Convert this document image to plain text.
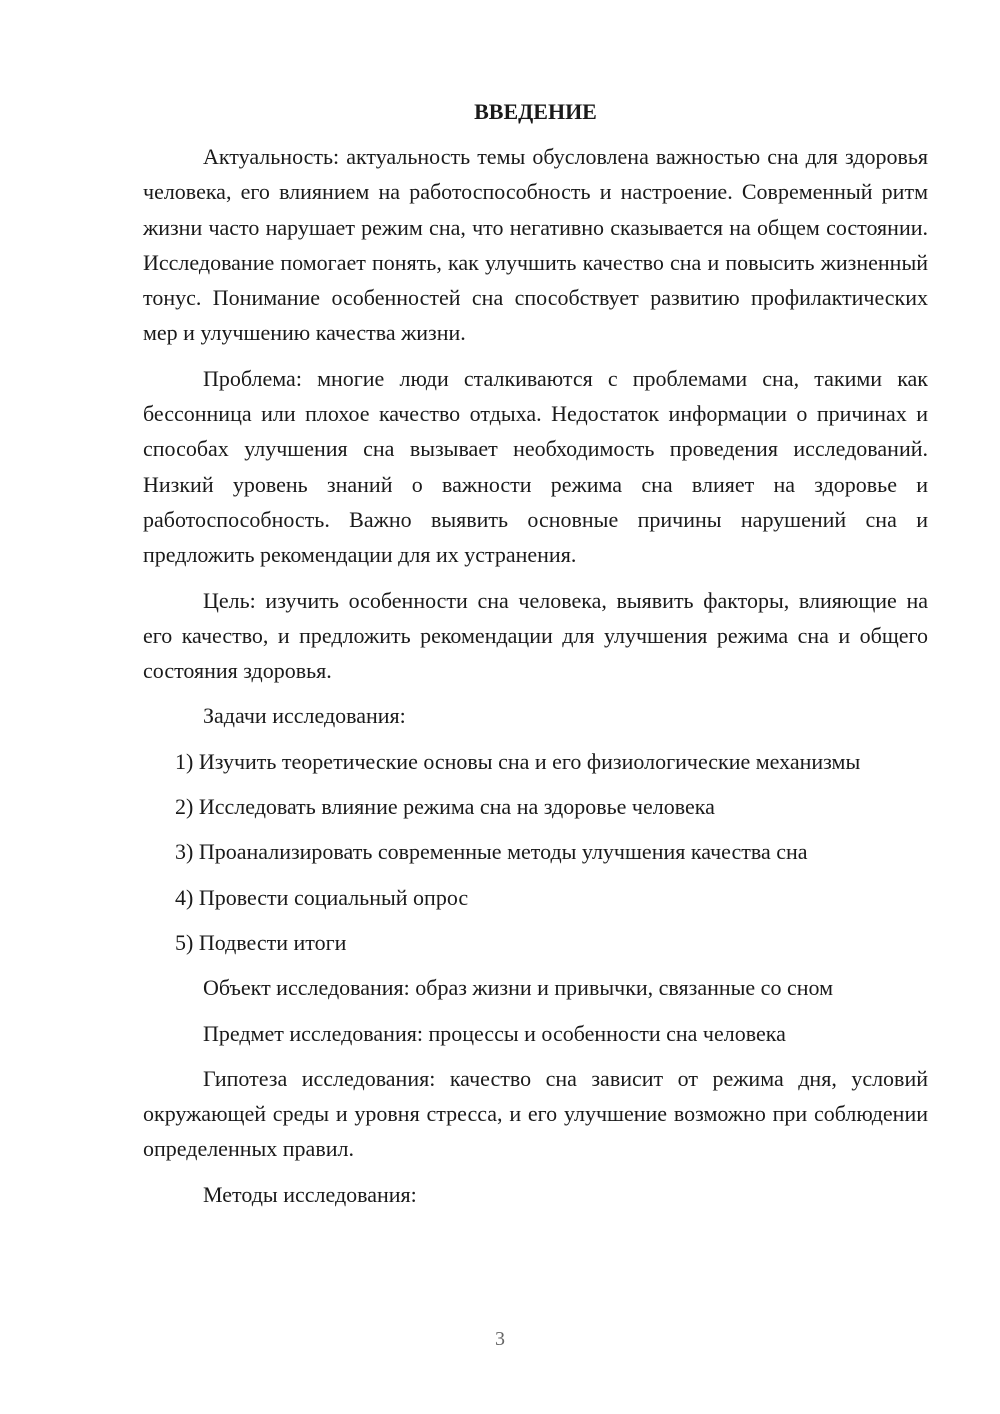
ВВЕДЕНИЕ

Актуальность: актуальность темы обусловлена важностью сна для здоровья человека, его влиянием на работоспособность и настроение. Современный ритм жизни часто нарушает режим сна, что негативно сказывается на общем состоянии. Исследование помогает понять, как улучшить качество сна и повысить жизненный тонус. Понимание особенностей сна способствует развитию профилактических мер и улучшению качества жизни.

Проблема: многие люди сталкиваются с проблемами сна, такими как бессонница или плохое качество отдыха. Недостаток информации о причинах и способах улучшения сна вызывает необходимость проведения исследований. Низкий уровень знаний о важности режима сна влияет на здоровье и работоспособность. Важно выявить основные причины нарушений сна и предложить рекомендации для их устранения.

Цель: изучить особенности сна человека, выявить факторы, влияющие на его качество, и предложить рекомендации для улучшения режима сна и общего состояния здоровья.

Задачи исследования:

1) Изучить теоретические основы сна и его физиологические механизмы

2) Исследовать влияние режима сна на здоровье человека

3) Проанализировать современные методы улучшения качества сна

4) Провести социальный опрос

5) Подвести итоги

Объект исследования: образ жизни и привычки, связанные со сном

Предмет исследования: процессы и особенности сна человека

Гипотеза исследования: качество сна зависит от режима дня, условий окружающей среды и уровня стресса, и его улучшение возможно при соблюдении определенных правил.

Методы исследования:

3
